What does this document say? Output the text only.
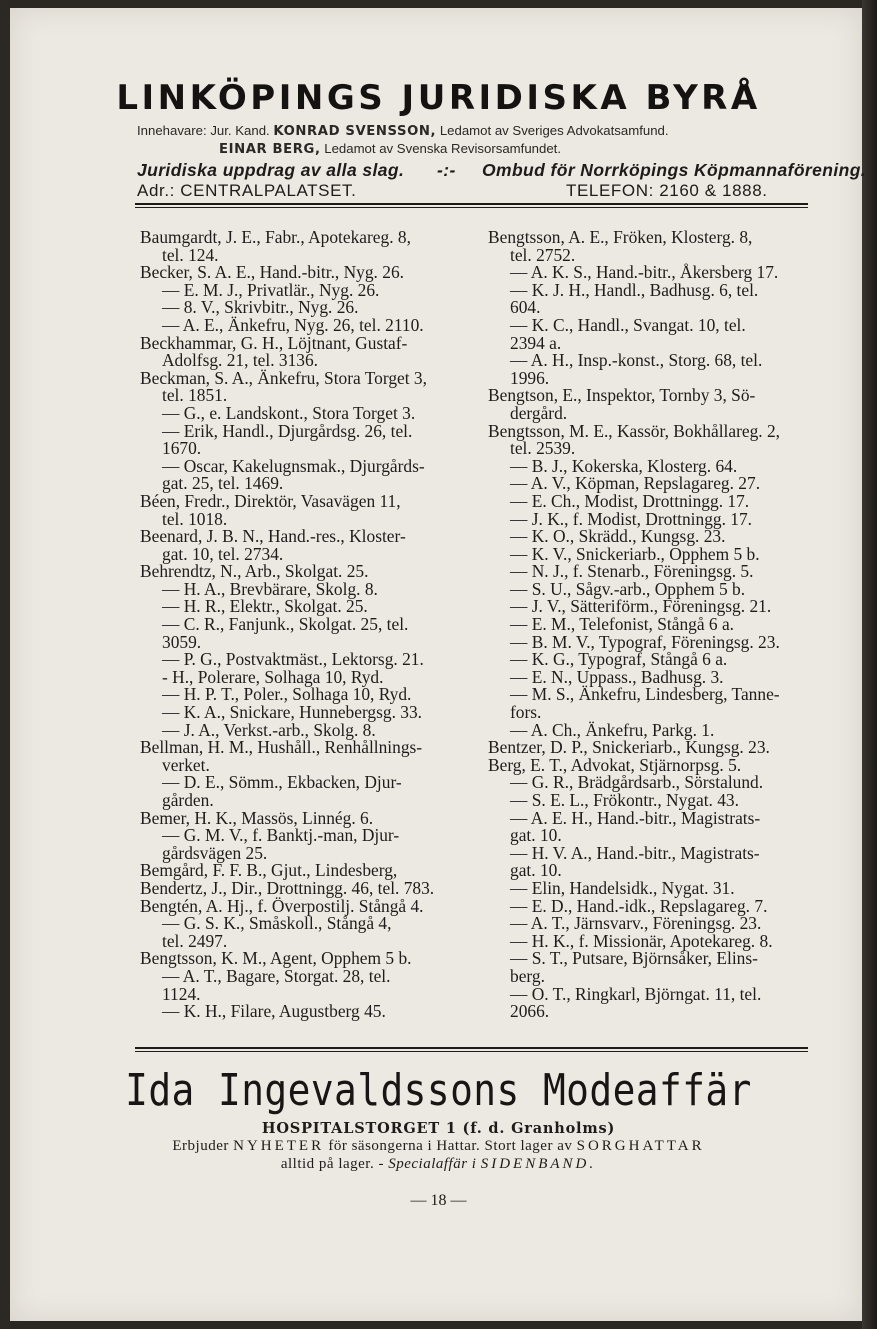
LINKÖPINGS JURIDISKA BYRÅ
Innehavare: Jur. Kand. KONRAD SVENSSON, Ledamot av Sveriges Advokatsamfund.
EINAR BERG, Ledamot av Svenska Revisorsamfundet.
Juridiska uppdrag av alla slag. -:- Ombud för Norrköpings Köpmannaförening.
Adr.: CENTRALPALATSET.	TELEFON: 2160 & 1888.
Baumgardt, J. E., Fabr., Apotekareg. 8,
tel. 124.
Becker, S. A. E., Hand.-bitr., Nyg. 26.
— E. M. J., Privatlär., Nyg. 26.
— 8. V., Skrivbitr., Nyg. 26.
— A. E., Änkefru, Nyg. 26, tel. 2110.
Beckhammar, G. H., Löjtnant, Gustaf-
Adolfsg. 21, tel. 3136.
Beckman, S. A., Änkefru, Stora Torget 3,
tel. 1851.
— G., e. Landskont., Stora Torget 3.
— Erik, Handl., Djurgårdsg. 26, tel.
1670.
— Oscar, Kakelugnsmak., Djurgårds-
gat. 25, tel. 1469.
Béen, Fredr., Direktör, Vasavägen 11,
tel. 1018.
Beenard, J. B. N., Hand.-res., Kloster-
gat. 10, tel. 2734.
Behrendtz, N., Arb., Skolgat. 25.
— H. A., Brevbärare, Skolg. 8.
— H. R., Elektr., Skolgat. 25.
— C. R., Fanjunk., Skolgat. 25, tel.
3059.
— P. G., Postvaktmäst., Lektorsg. 21.
- H., Polerare, Solhaga 10, Ryd.
— H. P. T., Poler., Solhaga 10, Ryd.
— K. A., Snickare, Hunnebergsg. 33.
— J. A., Verkst.-arb., Skolg. 8.
Bellman, H. M., Hushåll., Renhållnings-
verket.
— D. E., Sömm., Ekbacken, Djur-
gården.
Bemer, H. K., Massös, Linnég. 6.
— G. M. V., f. Banktj.-man, Djur-
gårdsvägen 25.
Bemgård, F. F. B., Gjut., Lindesberg,
Bendertz, J., Dir., Drottningg. 46, tel. 783.
Bengtén, A. Hj., f. Överpostilj. Stångå 4.
— G. S. K., Småskoll., Stångå 4,
tel. 2497.
Bengtsson, K. M., Agent, Opphem 5 b.
— A. T., Bagare, Storgat. 28, tel.
1124.
— K. H., Filare, Augustberg 45.
Bengtsson, A. E., Fröken, Klosterg. 8,
tel. 2752.
— A. K. S., Hand.-bitr., Åkersberg 17.
— K. J. H., Handl., Badhusg. 6, tel.
604.
— K. C., Handl., Svangat. 10, tel.
2394 a.
— A. H., Insp.-konst., Storg. 68, tel.
1996.
Bengtson, E., Inspektor, Tornby 3, Sö-
dergård.
Bengtsson, M. E., Kassör, Bokhållareg. 2,
tel. 2539.
— B. J., Kokerska, Klosterg. 64.
— A. V., Köpman, Repslagareg. 27.
— E. Ch., Modist, Drottningg. 17.
— J. K., f. Modist, Drottningg. 17.
— K. O., Skrädd., Kungsg. 23.
— K. V., Snickeriarb., Opphem 5 b.
— N. J., f. Stenarb., Föreningsg. 5.
— S. U., Sågv.-arb., Opphem 5 b.
— J. V., Sätteriförm., Föreningsg. 21.
— E. M., Telefonist, Stångå 6 a.
— B. M. V., Typograf, Föreningsg. 23.
— K. G., Typograf, Stångå 6 a.
— E. N., Uppass., Badhusg. 3.
— M. S., Änkefru, Lindesberg, Tanne-
fors.
— A. Ch., Änkefru, Parkg. 1.
Bentzer, D. P., Snickeriarb., Kungsg. 23.
Berg, E. T., Advokat, Stjärnorpsg. 5.
— G. R., Brädgårdsarb., Sörstalund.
— S. E. L., Frökontr., Nygat. 43.
— A. E. H., Hand.-bitr., Magistrats-
gat. 10.
— H. V. A., Hand.-bitr., Magistrats-
gat. 10.
— Elin, Handelsidk., Nygat. 31.
— E. D., Hand.-idk., Repslagareg. 7.
— A. T., Järnsvarv., Föreningsg. 23.
— H. K., f. Missionär, Apotekareg. 8.
— S. T., Putsare, Björnsåker, Elins-
berg.
— O. T., Ringkarl, Björngat. 11, tel.
2066.
Ida Ingevaldssons Modeaffär
HOSPITALSTORGET 1 (f. d. Granholms)
Erbjuder NYHETER för säsongerna i Hattar. Stort lager av SORGHATTAR
alltid på lager. - Specialaffär i SIDENBAND.
— 18 —
